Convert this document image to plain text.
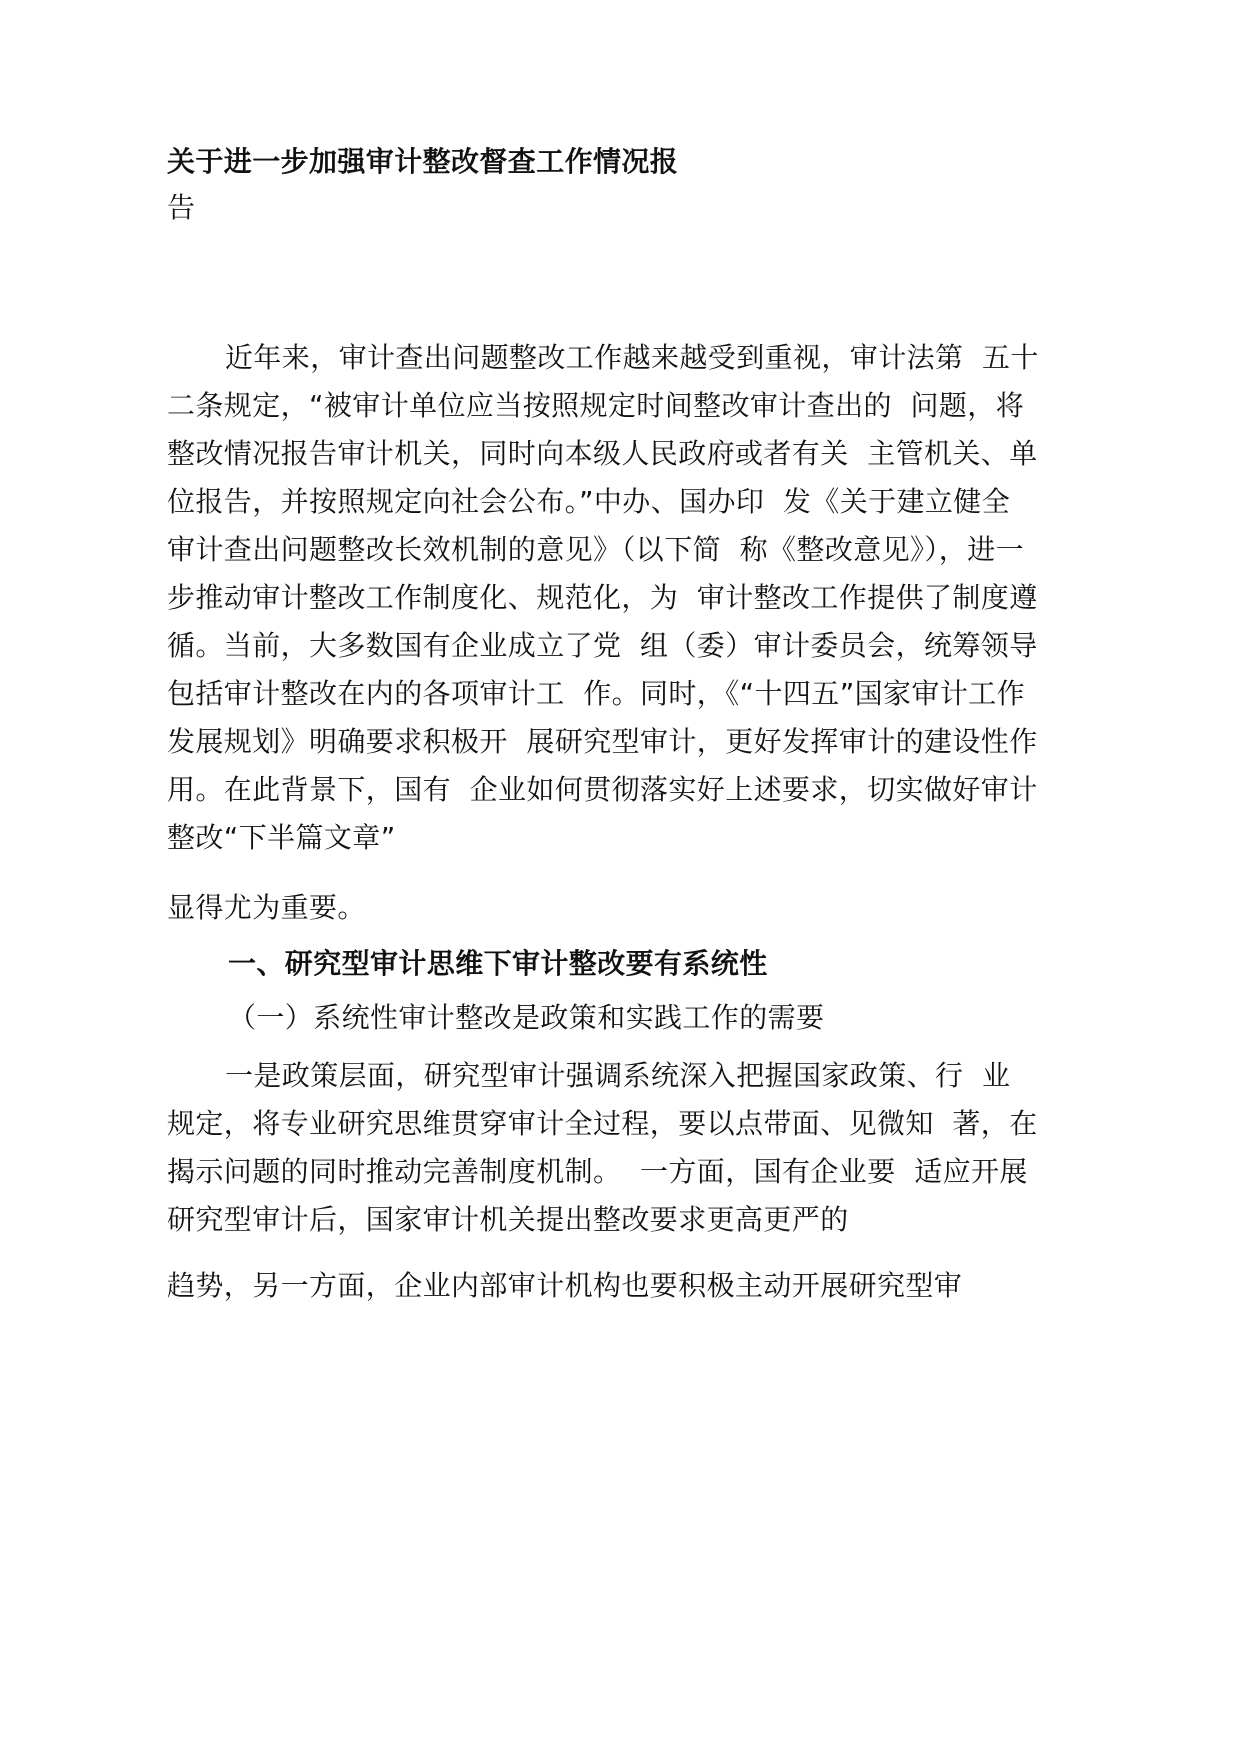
关于进一步加强审计整改督查工作情况报
告
近年来，审计查出问题整改工作越来越受到重视，审计法第  五十
二条规定，“被审计单位应当按照规定时间整改审计查出的  问题，将
整改情况报告审计机关，同时向本级人民政府或者有关  主管机关、单
位报告，并按照规定向社会公布。”中办、国办印  发《关于建立健全
审计查出问题整改长效机制的意见》（以下简  称《整改意见》），进一
步推动审计整改工作制度化、规范化，为  审计整改工作提供了制度遵
循。当前，大多数国有企业成立了党  组（委）审计委员会，统筹领导
包括审计整改在内的各项审计工  作。同时，《“十四五”国家审计工作
发展规划》明确要求积极开  展研究型审计，更好发挥审计的建设性作
用。在此背景下，国有  企业如何贯彻落实好上述要求，切实做好审计
整改“下半篇文章”
显得尤为重要。
一、研究型审计思维下审计整改要有系统性
（一）系统性审计整改是政策和实践工作的需要
一是政策层面，研究型审计强调系统深入把握国家政策、行  业
规定，将专业研究思维贯穿审计全过程，要以点带面、见微知  著，在
揭示问题的同时推动完善制度机制。  一方面，国有企业要  适应开展
研究型审计后，国家审计机关提出整改要求更高更严的
趋势，另一方面，企业内部审计机构也要积极主动开展研究型审
